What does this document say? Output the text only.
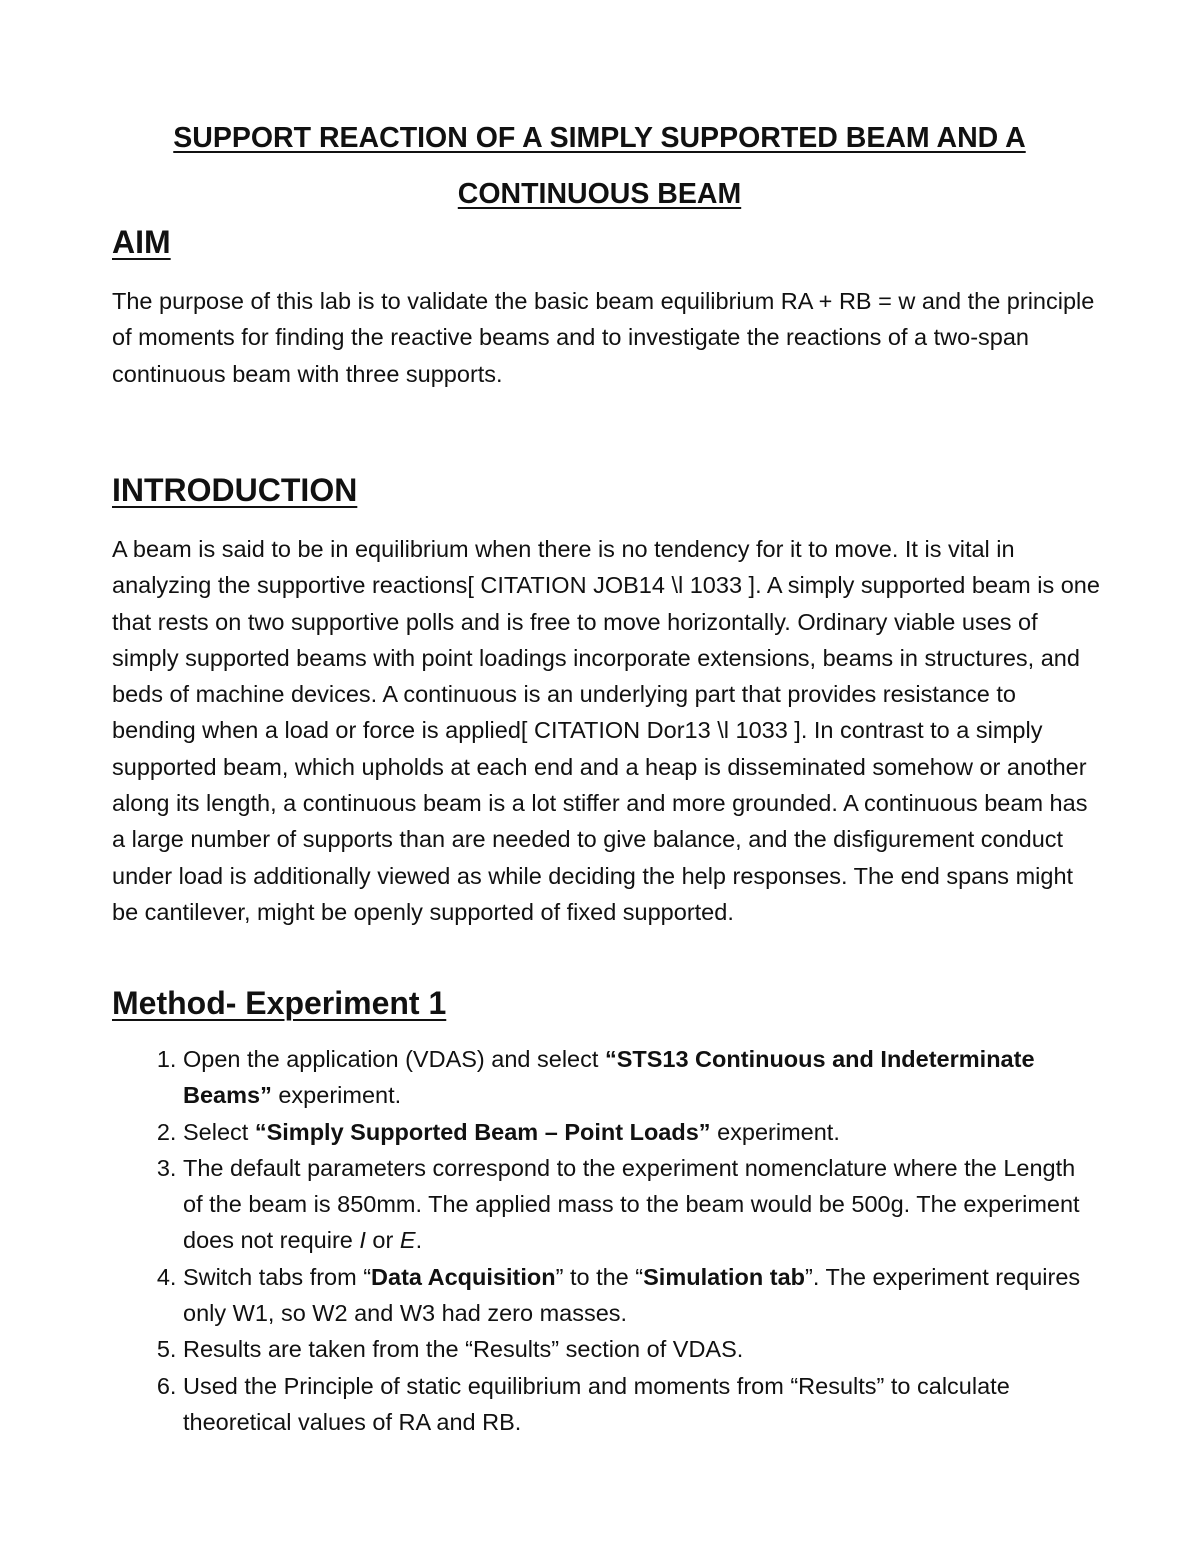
SUPPORT REACTION OF A SIMPLY SUPPORTED BEAM AND A
CONTINUOUS BEAM
AIM

The purpose of this lab is to validate the basic beam equilibrium RA + RB = w and the principle of moments for finding the reactive beams and to investigate the reactions of a two-span continuous beam with three supports.

INTRODUCTION

A beam is said to be in equilibrium when there is no tendency for it to move. It is vital in analyzing the supportive reactions[ CITATION JOB14 \l 1033 ]. A simply supported beam is one that rests on two supportive polls and is free to move horizontally. Ordinary viable uses of simply supported beams with point loadings incorporate extensions, beams in structures, and beds of machine devices. A continuous is an underlying part that provides resistance to bending when a load or force is applied[ CITATION Dor13 \l 1033 ]. In contrast to a simply supported beam, which upholds at each end and a heap is disseminated somehow or another along its length, a continuous beam is a lot stiffer and more grounded. A continuous beam has a large number of supports than are needed to give balance, and the disfigurement conduct under load is additionally viewed as while deciding the help responses. The end spans might be cantilever, might be openly supported of fixed supported.

Method- Experiment 1
1. Open the application (VDAS) and select “STS13 Continuous and Indeterminate Beams” experiment.
2. Select “Simply Supported Beam – Point Loads” experiment.
3. The default parameters correspond to the experiment nomenclature where the Length of the beam is 850mm. The applied mass to the beam would be 500g. The experiment does not require I or E.
4. Switch tabs from “Data Acquisition” to the “Simulation tab”. The experiment requires only W1, so W2 and W3 had zero masses.
5. Results are taken from the “Results” section of VDAS.
6. Used the Principle of static equilibrium and moments from “Results” to calculate theoretical values of RA and RB.
